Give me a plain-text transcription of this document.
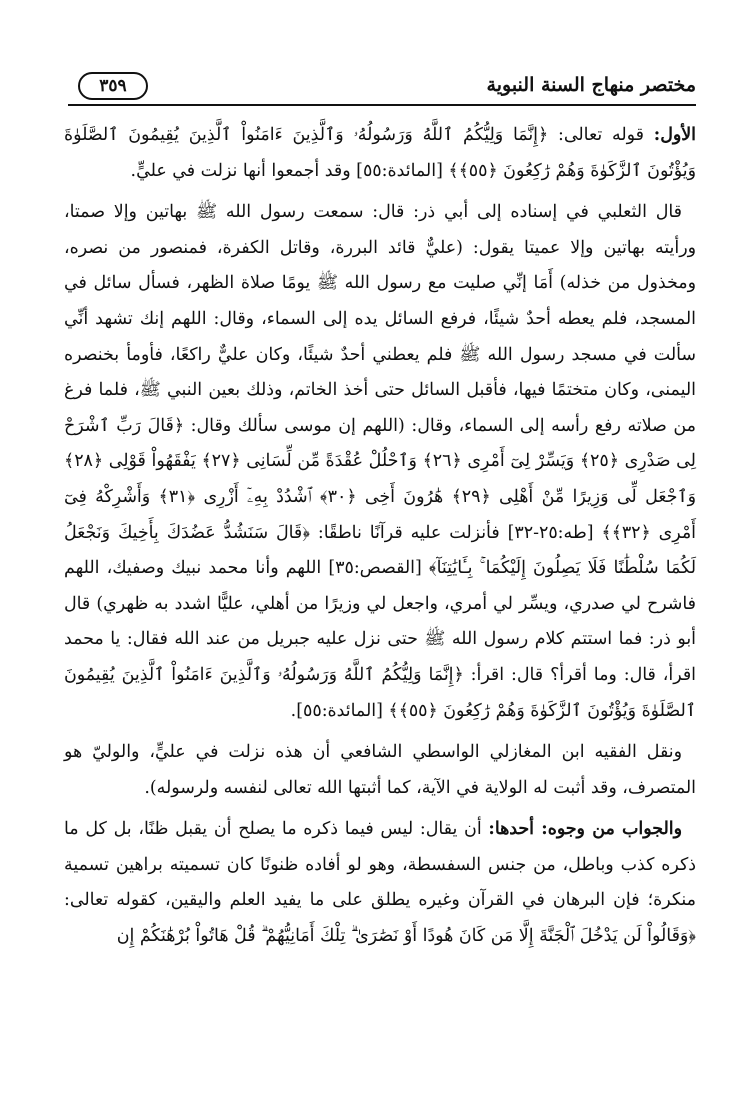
مختصر منهاج السنة النبوية
٣٥٩

الأول: قوله تعالى: ﴿إِنَّمَا وَلِيُّكُمُ ٱللَّهُ وَرَسُولُهُۥ وَٱلَّذِينَ ءَامَنُواْ ٱلَّذِينَ يُقِيمُونَ ٱلصَّلَوٰةَ وَيُؤْتُونَ ٱلزَّكَوٰةَ وَهُمْ رَٰكِعُونَ ﴿٥٥﴾﴾ [المائدة:٥٥] وقد أجمعوا أنها نزلت في عليٍّ.

قال الثعلبي في إسناده إلى أبي ذر: قال: سمعت رسول الله ﷺ بهاتين وإلا صمتا، ورأيته بهاتين وإلا عميتا يقول: (عليٌّ قائد البررة، وقاتل الكفرة، فمنصور من نصره، ومخذول من خذله) أَمَا إنِّي صليت مع رسول الله ﷺ يومًا صلاة الظهر، فسأل سائل في المسجد، فلم يعطه أحدٌ شيئًا، فرفع السائل يده إلى السماء، وقال: اللهم إنك تشهد أنِّي سألت في مسجد رسول الله ﷺ فلم يعطني أحدٌ شيئًا، وكان عليٌّ راكعًا، فأومأ بخنصره اليمنى، وكان متختمًا فيها، فأقبل السائل حتى أخذ الخاتم، وذلك بعين النبي ﷺ، فلما فرغ من صلاته رفع رأسه إلى السماء، وقال: (اللهم إن موسى سألك وقال: ﴿قَالَ رَبِّ ٱشْرَحْ لِى صَدْرِى ﴿٢٥﴾ وَيَسِّرْ لِىٓ أَمْرِى ﴿٢٦﴾ وَٱحْلُلْ عُقْدَةً مِّن لِّسَانِى ﴿٢٧﴾ يَفْقَهُواْ قَوْلِى ﴿٢٨﴾ وَٱجْعَل لِّى وَزِيرًا مِّنْ أَهْلِى ﴿٢٩﴾ هَٰرُونَ أَخِى ﴿٣٠﴾ ٱشْدُدْ بِهِۦٓ أَزْرِى ﴿٣١﴾ وَأَشْرِكْهُ فِىٓ أَمْرِى ﴿٣٢﴾﴾ [طه:٢٥-٣٢] فأنزلت عليه قرآنًا ناطقًا: ﴿قَالَ سَنَشُدُّ عَضُدَكَ بِأَخِيكَ وَنَجْعَلُ لَكُمَا سُلْطَٰنًا فَلَا يَصِلُونَ إِلَيْكُمَا ۚ بِـَٔايَٰتِنَآ﴾ [القصص:٣٥] اللهم وأنا محمد نبيك وصفيك، اللهم فاشرح لي صدري، ويسِّر لي أمري، واجعل لي وزيرًا من أهلي، عليًّا اشدد به ظهري) قال أبو ذر: فما استتم كلام رسول الله ﷺ حتى نزل عليه جبريل من عند الله فقال: يا محمد اقرأ، قال: وما أقرأ؟ قال: اقرأ: ﴿إِنَّمَا وَلِيُّكُمُ ٱللَّهُ وَرَسُولُهُۥ وَٱلَّذِينَ ءَامَنُواْ ٱلَّذِينَ يُقِيمُونَ ٱلصَّلَوٰةَ وَيُؤْتُونَ ٱلزَّكَوٰةَ وَهُمْ رَٰكِعُونَ ﴿٥٥﴾﴾ [المائدة:٥٥].

ونقل الفقيه ابن المغازلي الواسطي الشافعي أن هذه نزلت في عليٍّ، والوليّ هو المتصرف، وقد أثبت له الولاية في الآية، كما أثبتها الله تعالى لنفسه ولرسوله).

والجواب من وجوه: أحدها: أن يقال: ليس فيما ذكره ما يصلح أن يقبل ظنًا، بل كل ما ذكره كذب وباطل، من جنس السفسطة، وهو لو أفاده ظنونًا كان تسميته براهين تسمية منكرة؛ فإن البرهان في القرآن وغيره يطلق على ما يفيد العلم واليقين، كقوله تعالى: ﴿وَقَالُواْ لَن يَدْخُلَ ٱلْجَنَّةَ إِلَّا مَن كَانَ هُودًا أَوْ نَصَٰرَىٰ ۗ تِلْكَ أَمَانِيُّهُمْ ۗ قُلْ هَاتُواْ بُرْهَٰنَكُمْ إِن
